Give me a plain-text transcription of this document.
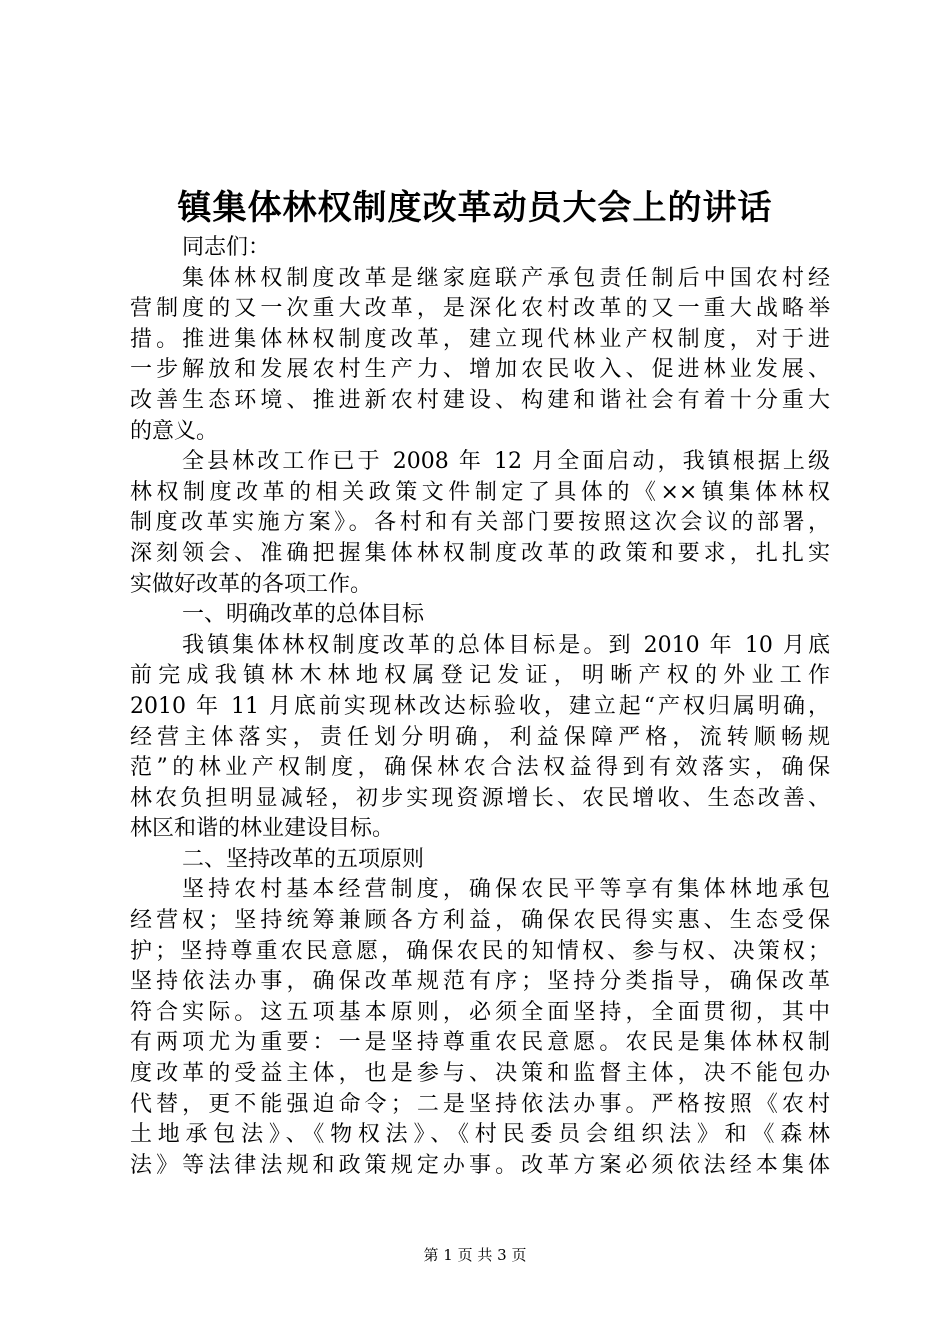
镇集体林权制度改革动员大会上的讲话
同志们：
集体林权制度改革是继家庭联产承包责任制后中国农村经
营制度的又一次重大改革，是深化农村改革的又一重大战略举
措。推进集体林权制度改革，建立现代林业产权制度，对于进
一步解放和发展农村生产力、增加农民收入、促进林业发展、
改善生态环境、推进新农村建设、构建和谐社会有着十分重大
的意义。
全县林改工作已于 2008 年 12 月全面启动，我镇根据上级
林权制度改革的相关政策文件制定了具体的《××镇集体林权
制度改革实施方案》。各村和有关部门要按照这次会议的部署，
深刻领会、准确把握集体林权制度改革的政策和要求，扎扎实
实做好改革的各项工作。
一、明确改革的总体目标
我镇集体林权制度改革的总体目标是。到 2010 年 10 月底
前完成我镇林木林地权属登记发证，明晰产权的外业工作
2010 年 11 月底前实现林改达标验收，建立起“产权归属明确，
经营主体落实，责任划分明确，利益保障严格，流转顺畅规
范”的林业产权制度，确保林农合法权益得到有效落实，确保
林农负担明显减轻，初步实现资源增长、农民增收、生态改善、
林区和谐的林业建设目标。
二、坚持改革的五项原则
坚持农村基本经营制度，确保农民平等享有集体林地承包
经营权；坚持统筹兼顾各方利益，确保农民得实惠、生态受保
护；坚持尊重农民意愿，确保农民的知情权、参与权、决策权；
坚持依法办事，确保改革规范有序；坚持分类指导，确保改革
符合实际。这五项基本原则，必须全面坚持，全面贯彻，其中
有两项尤为重要：一是坚持尊重农民意愿。农民是集体林权制
度改革的受益主体，也是参与、决策和监督主体，决不能包办
代替，更不能强迫命令；二是坚持依法办事。严格按照《农村
土地承包法》、《物权法》、《村民委员会组织法》和《森林
法》等法律法规和政策规定办事。改革方案必须依法经本集体
第 1 页 共 3 页
